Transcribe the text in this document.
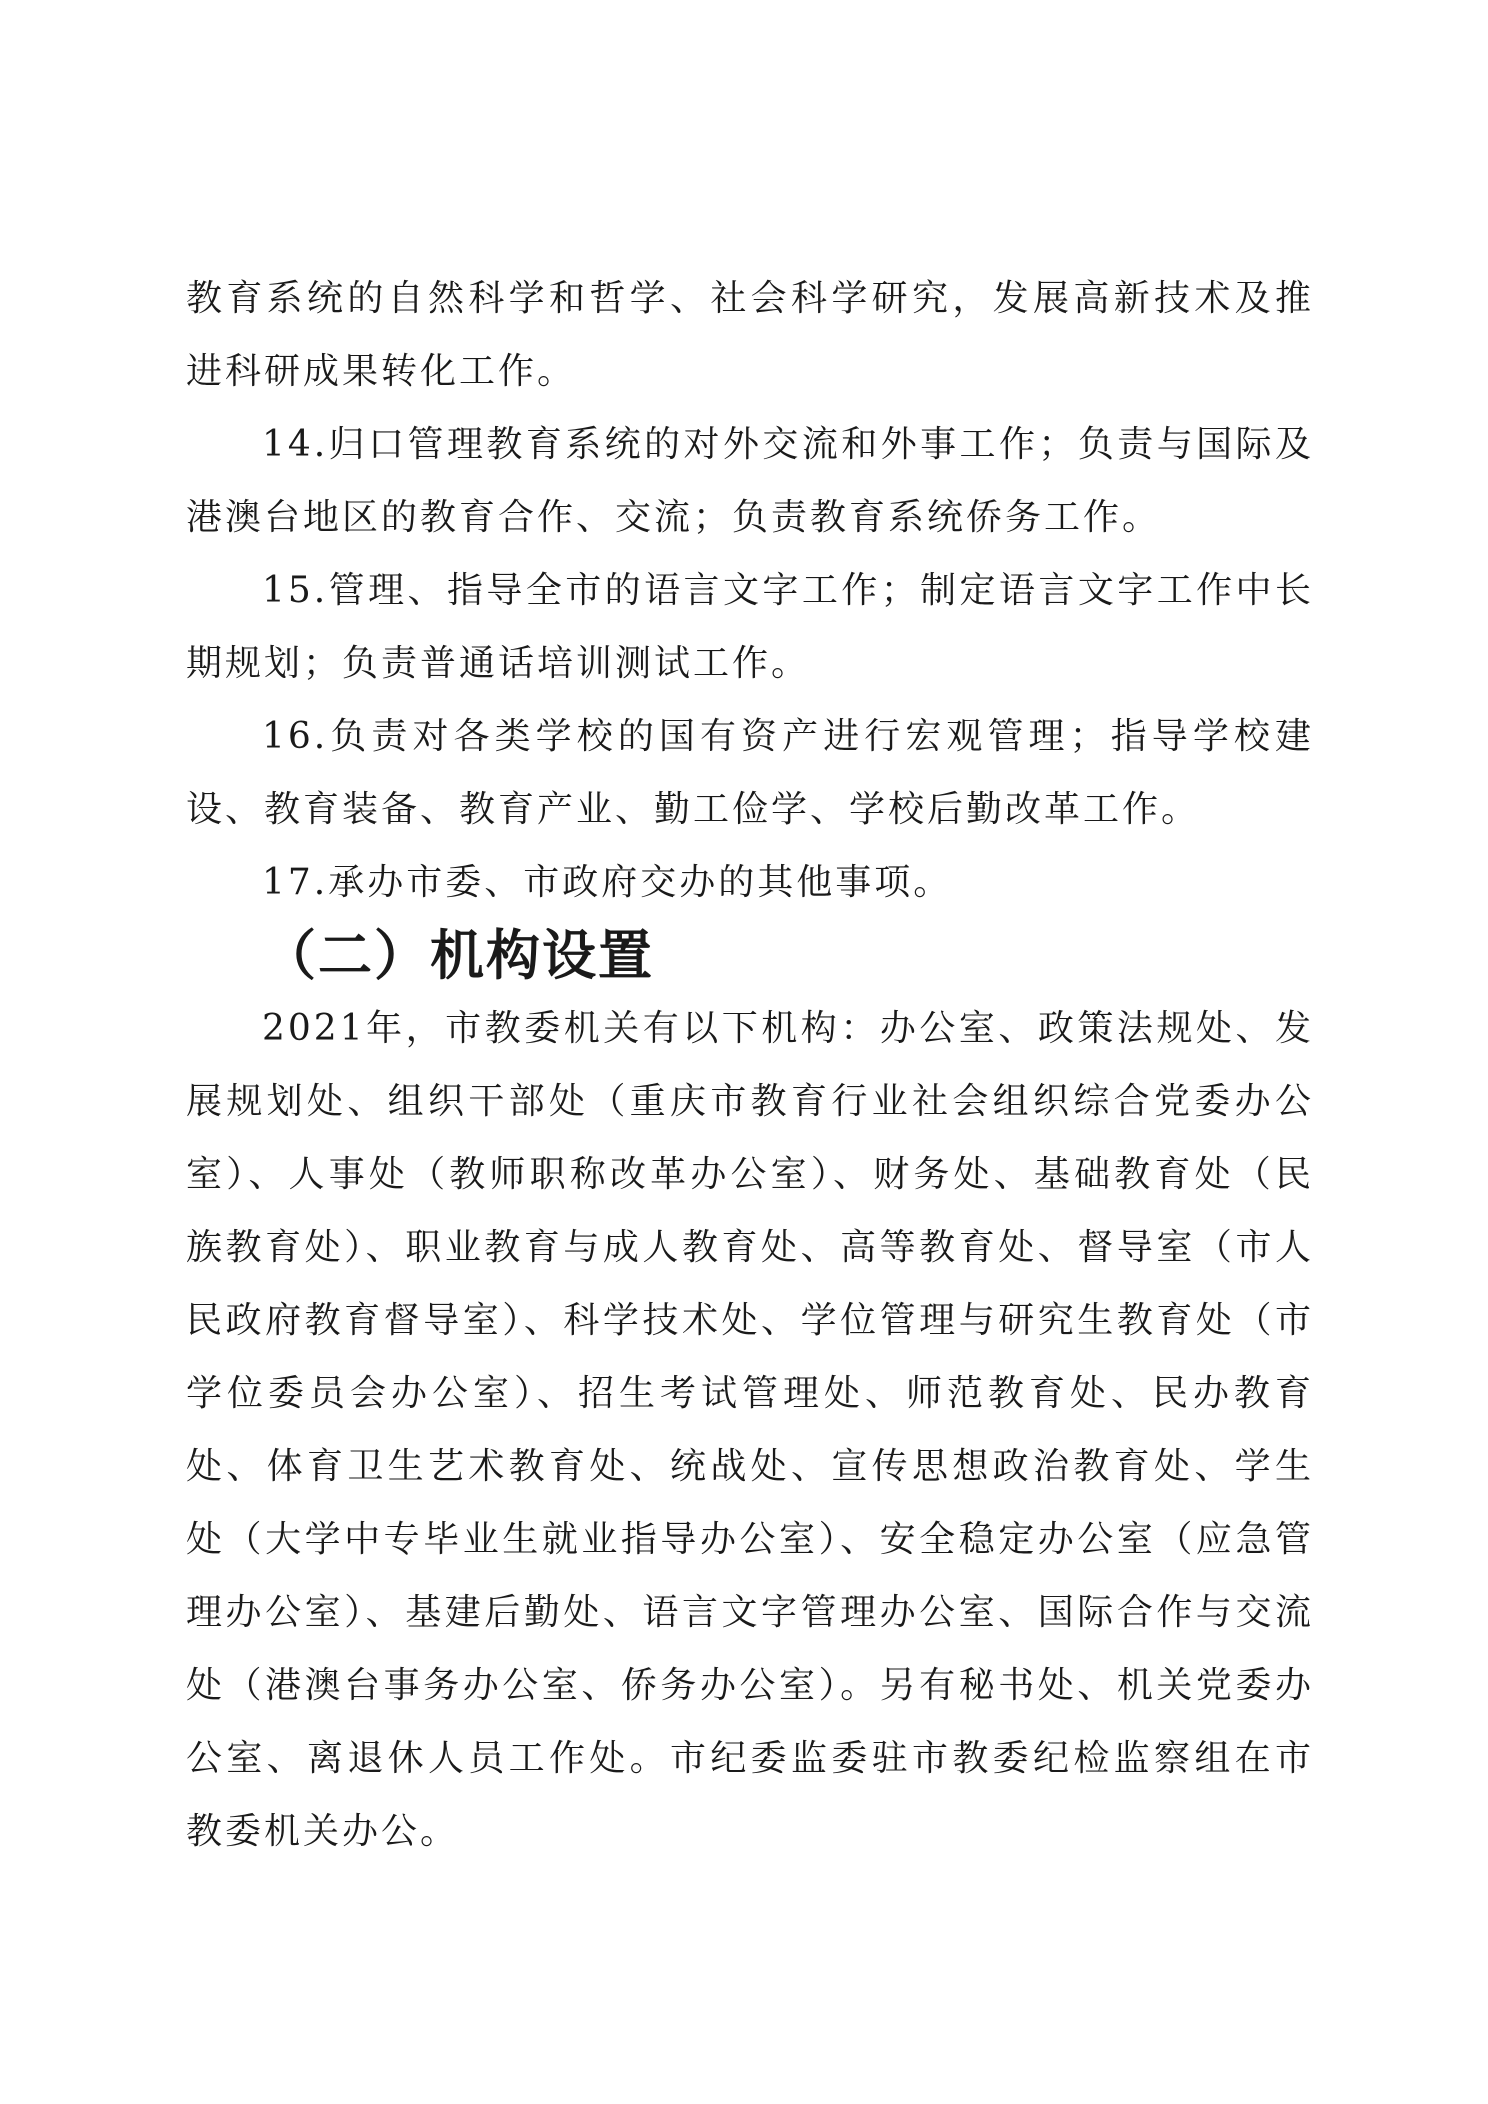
教育系统的自然科学和哲学、社会科学研究，发展高新技术及推进科研成果转化工作。

14.归口管理教育系统的对外交流和外事工作；负责与国际及港澳台地区的教育合作、交流；负责教育系统侨务工作。

15.管理、指导全市的语言文字工作；制定语言文字工作中长期规划；负责普通话培训测试工作。

16.负责对各类学校的国有资产进行宏观管理；指导学校建设、教育装备、教育产业、勤工俭学、学校后勤改革工作。

17.承办市委、市政府交办的其他事项。

（二）机构设置

2021年，市教委机关有以下机构：办公室、政策法规处、发展规划处、组织干部处（重庆市教育行业社会组织综合党委办公室）、人事处（教师职称改革办公室）、财务处、基础教育处（民族教育处）、职业教育与成人教育处、高等教育处、督导室（市人民政府教育督导室）、科学技术处、学位管理与研究生教育处（市学位委员会办公室）、招生考试管理处、师范教育处、民办教育处、体育卫生艺术教育处、统战处、宣传思想政治教育处、学生处（大学中专毕业生就业指导办公室）、安全稳定办公室（应急管理办公室）、基建后勤处、语言文字管理办公室、国际合作与交流处（港澳台事务办公室、侨务办公室）。另有秘书处、机关党委办公室、离退休人员工作处。市纪委监委驻市教委纪检监察组在市教委机关办公。
